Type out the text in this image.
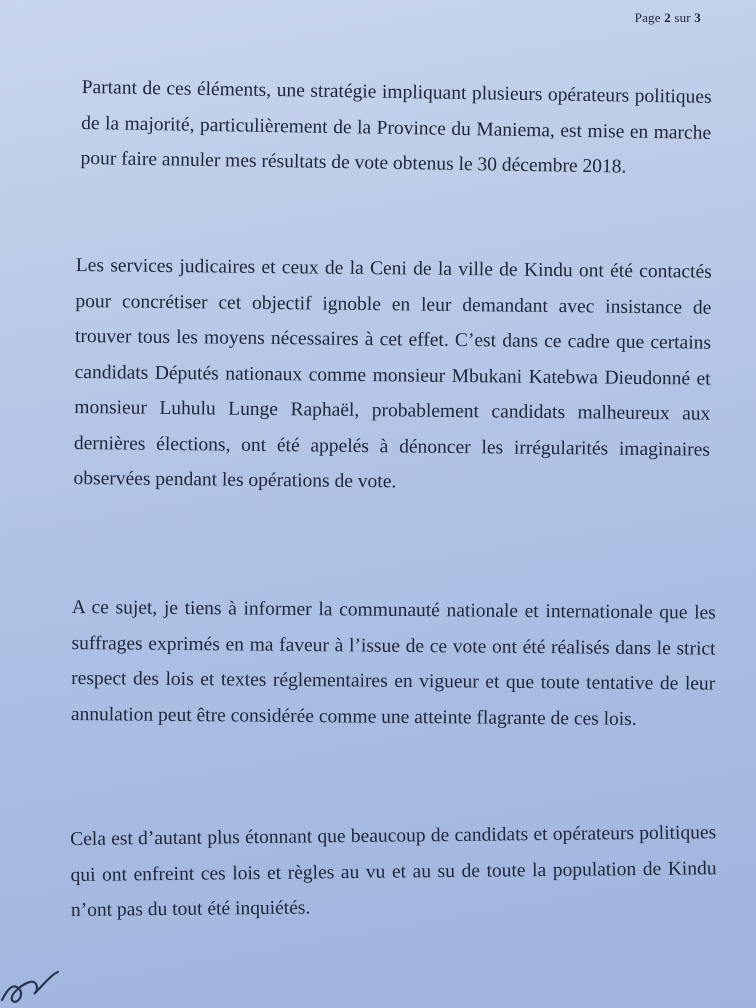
Page 2 sur 3

Partant de ces éléments, une stratégie impliquant plusieurs opérateurs politiques de la majorité, particulièrement de la Province du Maniema, est mise en marche pour faire annuler mes résultats de vote obtenus le 30 décembre 2018.

Les services judicaires et ceux de la Ceni de la ville de Kindu ont été contactés pour concrétiser cet objectif ignoble en leur demandant avec insistance de trouver tous les moyens nécessaires à cet effet. C’est dans ce cadre que certains candidats Députés nationaux comme monsieur Mbukani Katebwa Dieudonné et monsieur Luhulu Lunge Raphaël, probablement candidats malheureux aux dernières élections, ont été appelés à dénoncer les irrégularités imaginaires observées pendant les opérations de vote.

A ce sujet, je tiens à informer la communauté nationale et internationale que les suffrages exprimés en ma faveur à l’issue de ce vote ont été réalisés dans le strict respect des lois et textes réglementaires en vigueur et que toute tentative de leur annulation peut être considérée comme une atteinte flagrante de ces lois.

Cela est d’autant plus étonnant que beaucoup de candidats et opérateurs politiques qui ont enfreint ces lois et règles au vu et au su de toute la population de Kindu n’ont pas du tout été inquiétés.
